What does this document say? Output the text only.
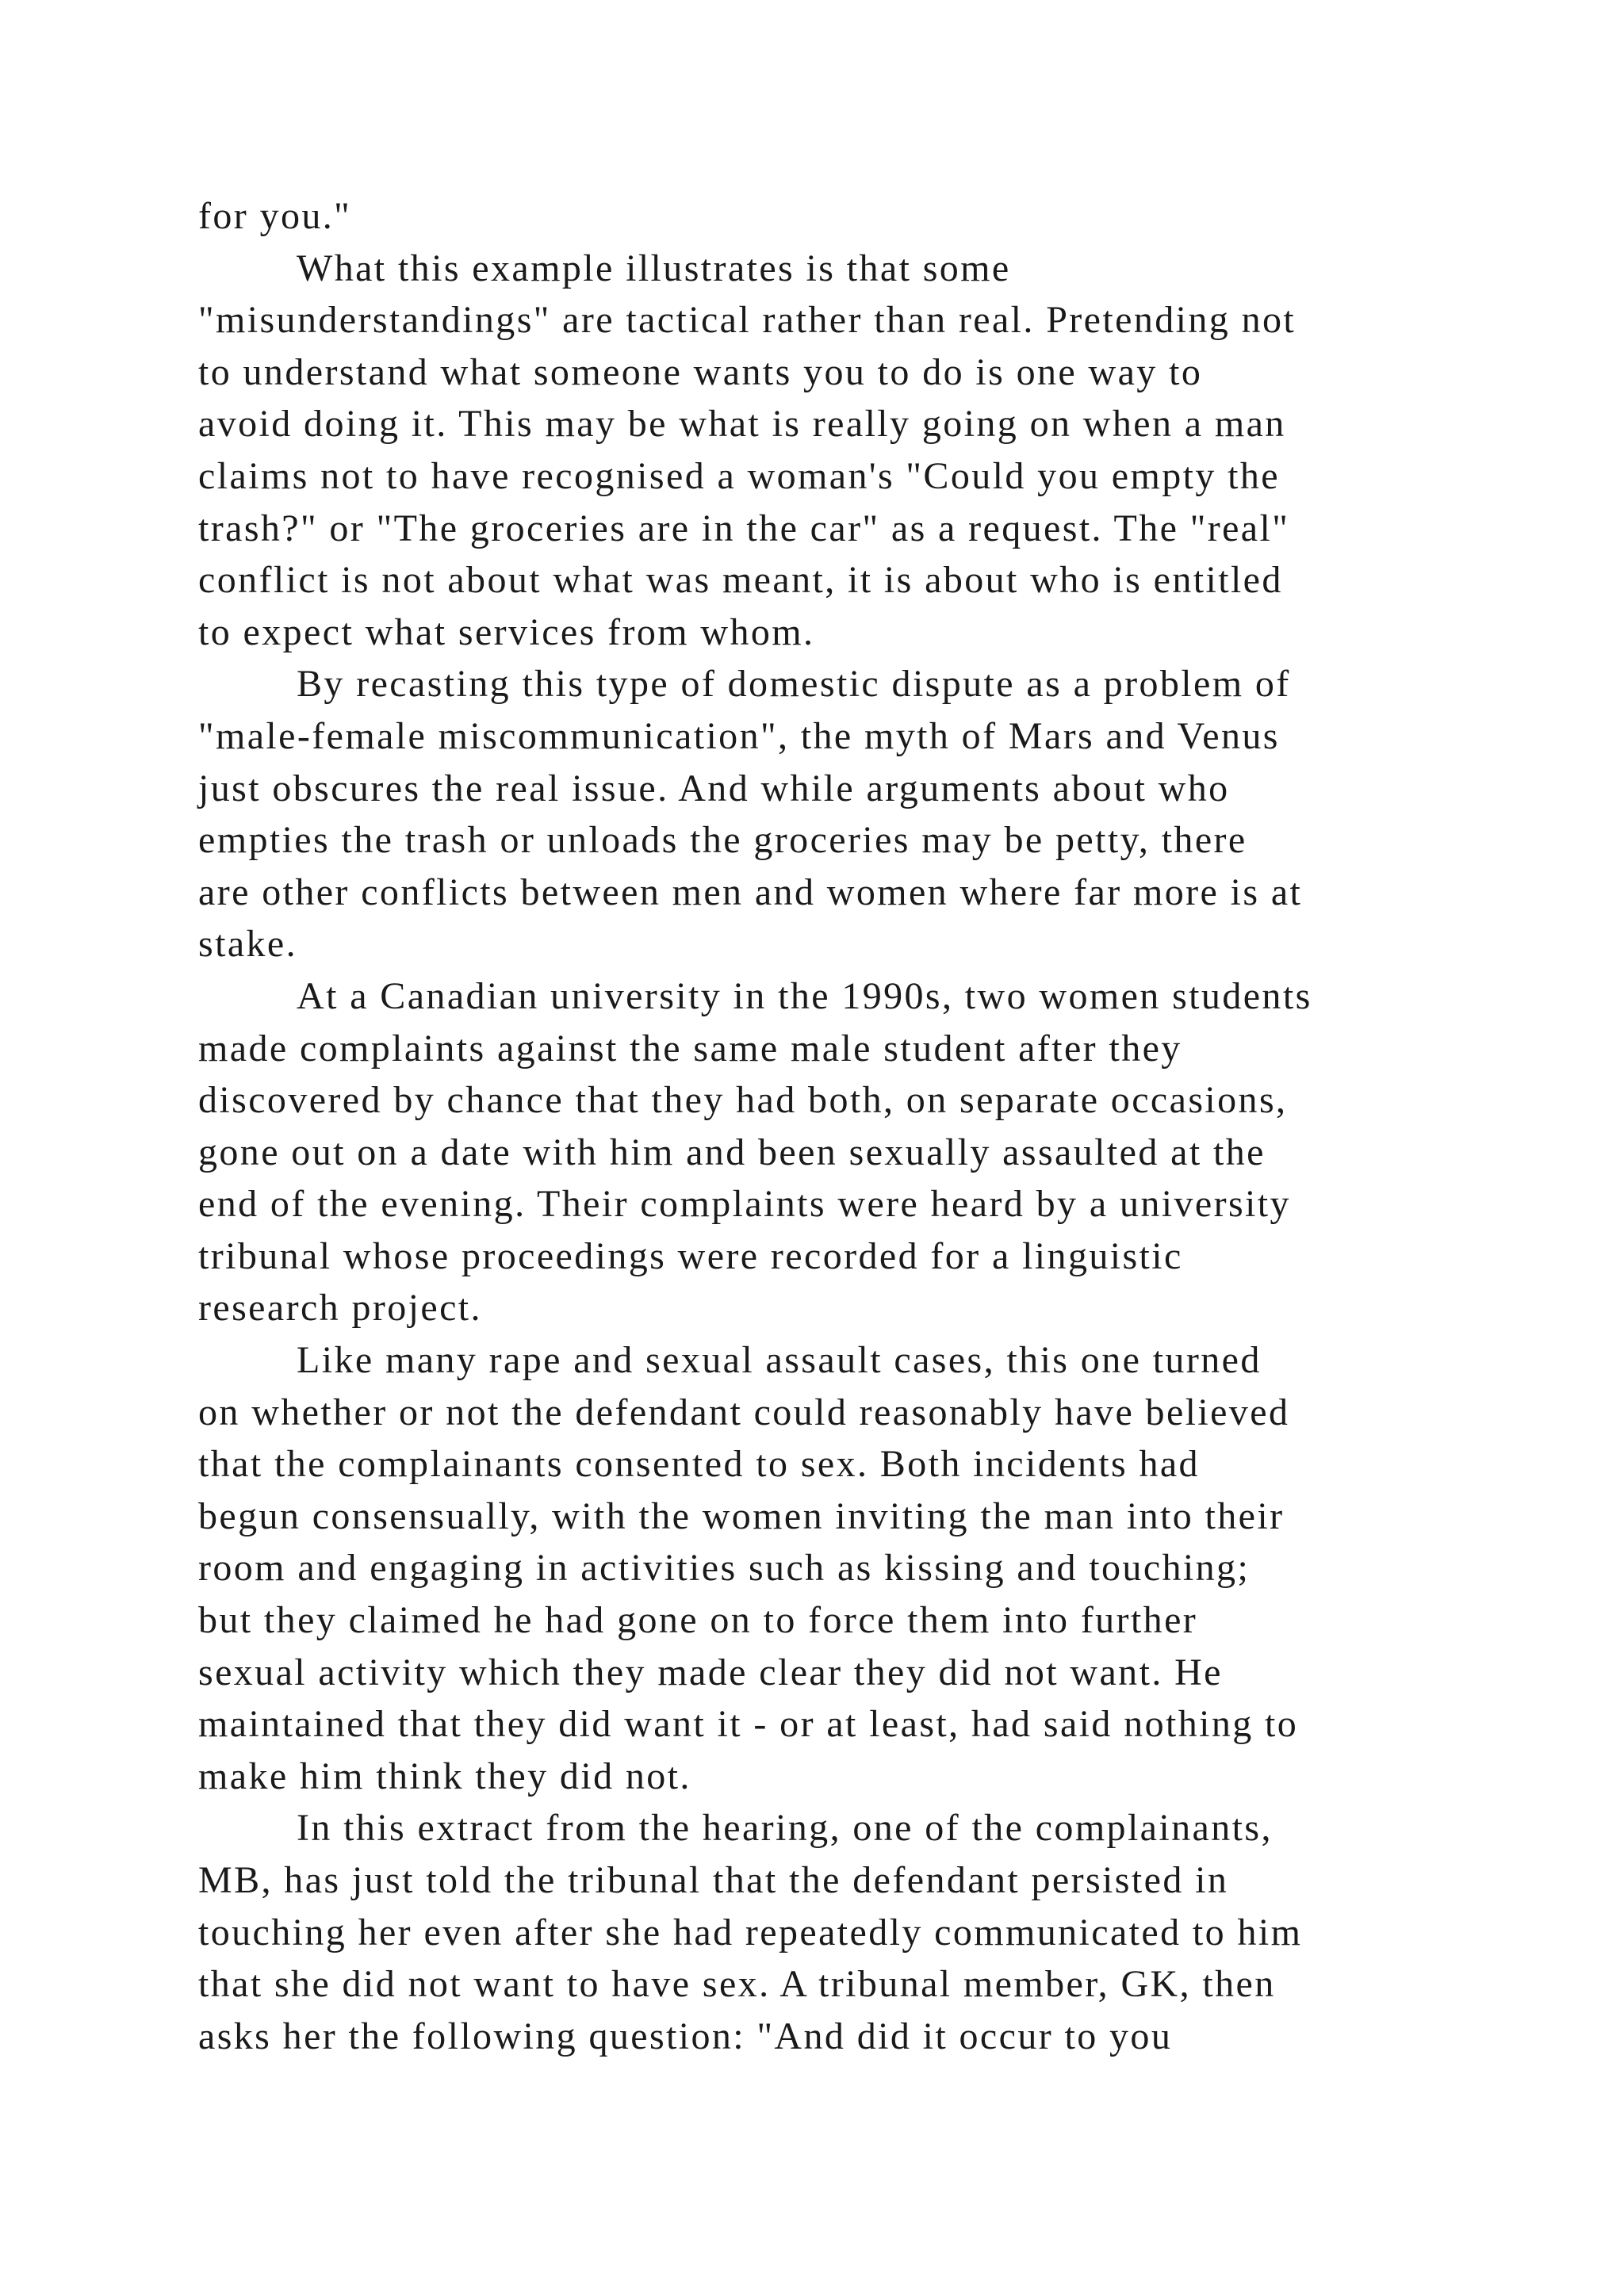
for you."
What this example illustrates is that some
"misunderstandings" are tactical rather than real. Pretending not
to understand what someone wants you to do is one way to
avoid doing it. This may be what is really going on when a man
claims not to have recognised a woman's "Could you empty the
trash?" or "The groceries are in the car" as a request. The "real"
conflict is not about what was meant, it is about who is entitled
to expect what services from whom.
By recasting this type of domestic dispute as a problem of
"male-female miscommunication", the myth of Mars and Venus
just obscures the real issue. And while arguments about who
empties the trash or unloads the groceries may be petty, there
are other conflicts between men and women where far more is at
stake.
At a Canadian university in the 1990s, two women students
made complaints against the same male student after they
discovered by chance that they had both, on separate occasions,
gone out on a date with him and been sexually assaulted at the
end of the evening. Their complaints were heard by a university
tribunal whose proceedings were recorded for a linguistic
research project.
Like many rape and sexual assault cases, this one turned
on whether or not the defendant could reasonably have believed
that the complainants consented to sex. Both incidents had
begun consensually, with the women inviting the man into their
room and engaging in activities such as kissing and touching;
but they claimed he had gone on to force them into further
sexual activity which they made clear they did not want. He
maintained that they did want it - or at least, had said nothing to
make him think they did not.
In this extract from the hearing, one of the complainants,
MB, has just told the tribunal that the defendant persisted in
touching her even after she had repeatedly communicated to him
that she did not want to have sex. A tribunal member, GK, then
asks her the following question: "And did it occur to you
